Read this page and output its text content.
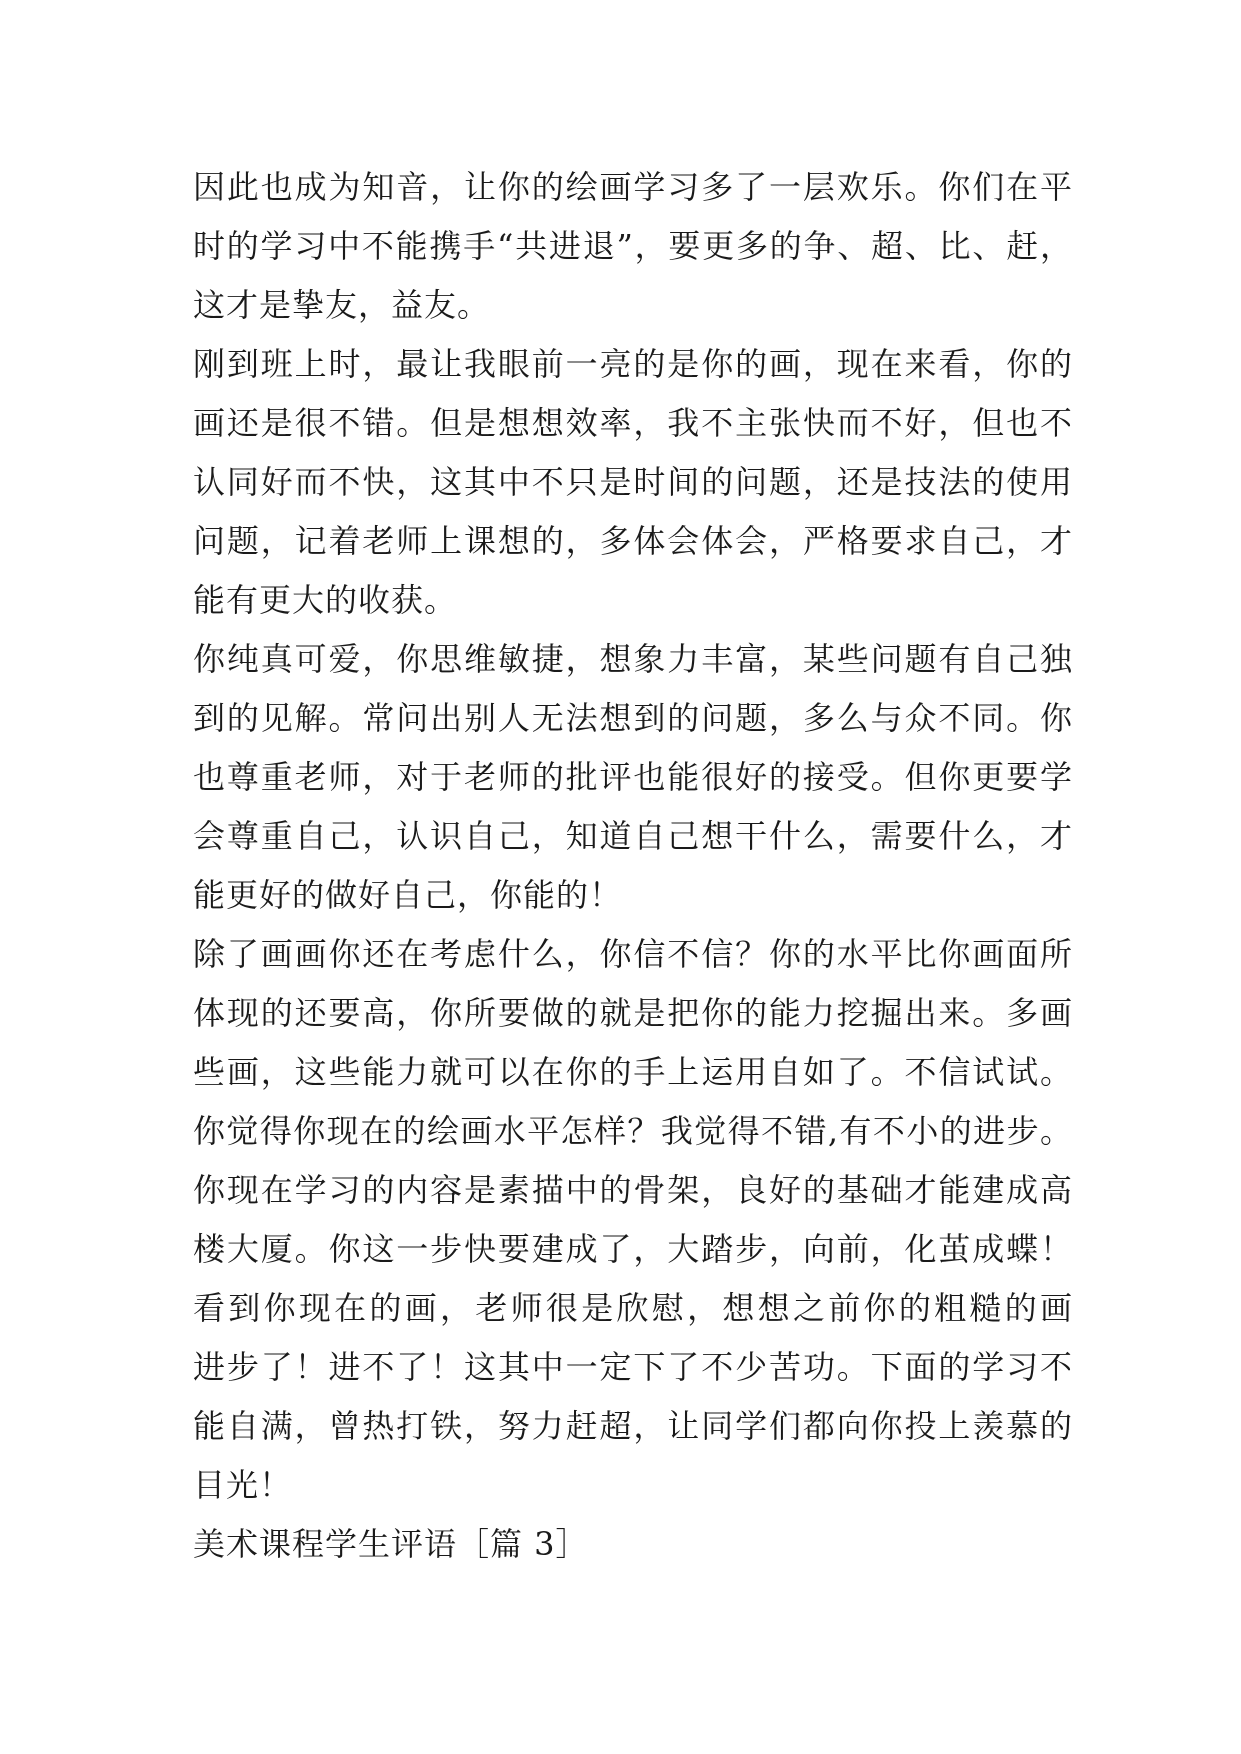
因此也成为知音，让你的绘画学习多了一层欢乐。你们在平
时的学习中不能携手“共进退”，要更多的争、超、比、赶，
这才是挚友，益友。
刚到班上时，最让我眼前一亮的是你的画，现在来看，你的
画还是很不错。但是想想效率，我不主张快而不好，但也不
认同好而不快，这其中不只是时间的问题，还是技法的使用
问题，记着老师上课想的，多体会体会，严格要求自己，才
能有更大的收获。
你纯真可爱，你思维敏捷，想象力丰富，某些问题有自己独
到的见解。常问出别人无法想到的问题，多么与众不同。你
也尊重老师，对于老师的批评也能很好的接受。但你更要学
会尊重自己，认识自己，知道自己想干什么，需要什么，才
能更好的做好自己，你能的！
除了画画你还在考虑什么，你信不信？你的水平比你画面所
体现的还要高，你所要做的就是把你的能力挖掘出来。多画
些画，这些能力就可以在你的手上运用自如了。不信试试。
你觉得你现在的绘画水平怎样？我觉得不错,有不小的进步。
你现在学习的内容是素描中的骨架，良好的基础才能建成高
楼大厦。你这一步快要建成了，大踏步，向前，化茧成蝶！
看到你现在的画，老师很是欣慰，想想之前你的粗糙的画
进步了！进不了！这其中一定下了不少苦功。下面的学习不
能自满，曾热打铁，努力赶超，让同学们都向你投上羡慕的
目光！
美术课程学生评语［篇 3］
